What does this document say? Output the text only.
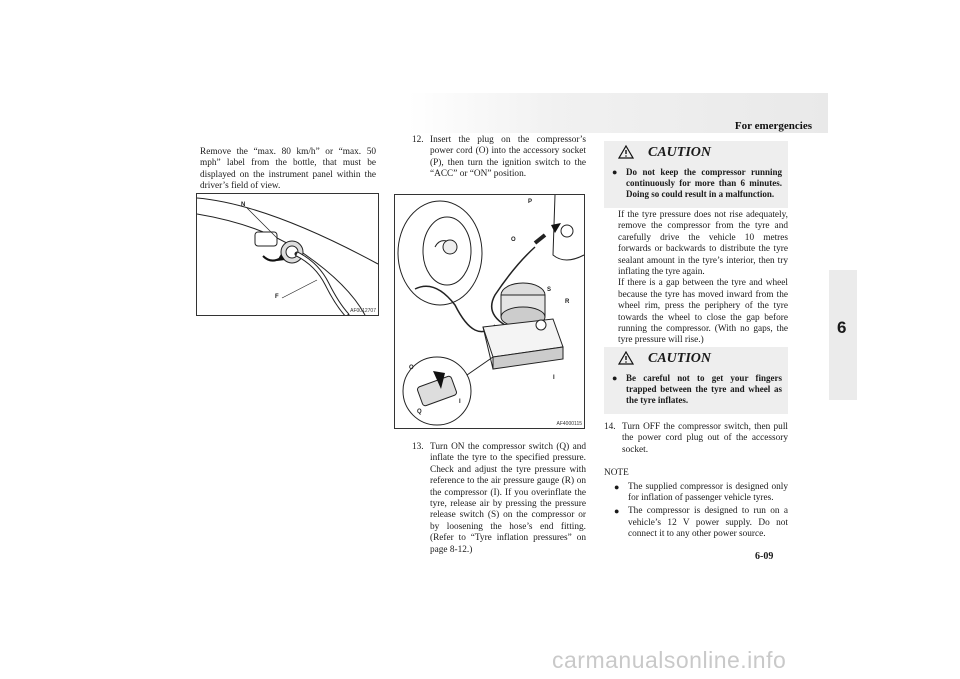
For emergencies
6

Remove the “max. 80 km/h” or “max. 50 mph” label from the bottle, that must be displayed on the instrument panel within the driver’s field of view.

N
F
AF0012707
12. Insert the plug on the compressor’s power cord (O) into the accessory socket (P), then turn the ignition switch to the “ACC” or “ON” position.
P
O
S
R
I
O
Q
I
AF4000115
13. Turn ON the compressor switch (Q) and inflate the tyre to the specified pressure. Check and adjust the tyre pressure with reference to the air pressure gauge (R) on the compressor (I). If you overinflate the tyre, release air by pressing the pressure release switch (S) on the compressor or by loosening the hose’s end fitting. (Refer to “Tyre inflation pressures” on page 8-12.)
CAUTION
● Do not keep the compressor running continuously for more than 6 minutes. Doing so could result in a malfunction.

If the tyre pressure does not rise adequately, remove the compressor from the tyre and carefully drive the vehicle 10 metres forwards or backwards to distribute the tyre sealant amount in the tyre’s interior, then try inflating the tyre again.

If there is a gap between the tyre and wheel because the tyre has moved inward from the wheel rim, press the periphery of the tyre towards the wheel to close the gap before running the compressor. (With no gaps, the tyre pressure will rise.)

CAUTION
● Be careful not to get your fingers trapped between the tyre and wheel as the tyre inflates.
14. Turn OFF the compressor switch, then pull the power cord plug out of the accessory socket.
NOTE
● The supplied compressor is designed only for inflation of passenger vehicle tyres.
● The compressor is designed to run on a vehicle’s 12 V power supply. Do not connect it to any other power source.
6-09
carmanualsonline.info
